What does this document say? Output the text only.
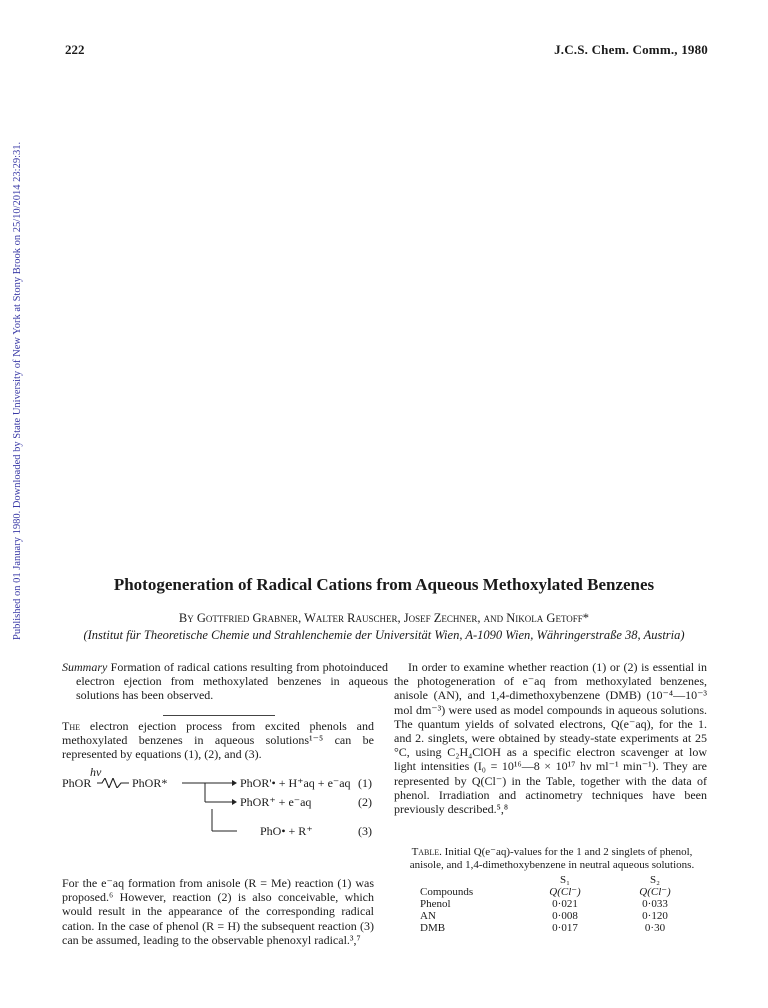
222	J.C.S. Chem. Comm., 1980
Published on 01 January 1980. Downloaded by State University of New York at Stony Brook on 25/10/2014 23:29:31.	Photogeneration of Radical Cations from Aqueous Methoxylated Benzenes
By Gottfried Grabner, Walter Rauscher, Josef Zechner, and Nikola Getoff*
(Institut für Theoretische Chemie und Strahlenchemie der Universität Wien, A-1090 Wien, Währingerstraße 38, Austria)
Summary Formation of radical cations resulting from photoinduced electron ejection from methoxylated benzenes in aqueous solutions has been observed.
The electron ejection process from excited phenols and methoxylated benzenes in aqueous solutions¹⁻⁵ can be represented by equations (1), (2), and (3).
hν
PhOR	PhOR*	PhOR'• + H⁺aq + e⁻aq (1)
PhOR⁺ + e⁻aq	(2)
PhO• + R⁺	(3)
For the e⁻aq formation from anisole (R = Me) reaction (1) was proposed.⁶ However, reaction (2) is also conceivable, which would result in the appearance of the corresponding radical cation. In the case of phenol (R = H) the subsequent reaction (3) can be assumed, leading to the observable phenoxyl radical.³,⁷
In order to examine whether reaction (1) or (2) is essential in the photogeneration of e⁻aq from methoxylated benzenes, anisole (AN), and 1,4-dimethoxybenzene (DMB) (10⁻⁴—10⁻³ mol dm⁻³) were used as model compounds in aqueous solutions. The quantum yields of solvated electrons, Q(e⁻aq), for the 1. and 2. singlets, were obtained by steady-state experiments at 25 °C, using C₂H₄ClOH as a specific electron scavenger at low light intensities (I₀ = 10¹⁶—8 × 10¹⁷ hν ml⁻¹ min⁻¹). They are represented by Q(Cl⁻) in the Table, together with the data of phenol. Irradiation and actinometry techniques have been previously described.⁵,⁸
Table. Initial Q(e⁻aq)-values for the 1 and 2 singlets of phenol, anisole, and 1,4-dimethoxybenzene in neutral aqueous solutions.
	S₁	S₂
Compounds	Q(Cl⁻)	Q(Cl⁻)
Phenol	0·021	0·033
AN	0·008	0·120
DMB	0·017	0·30
